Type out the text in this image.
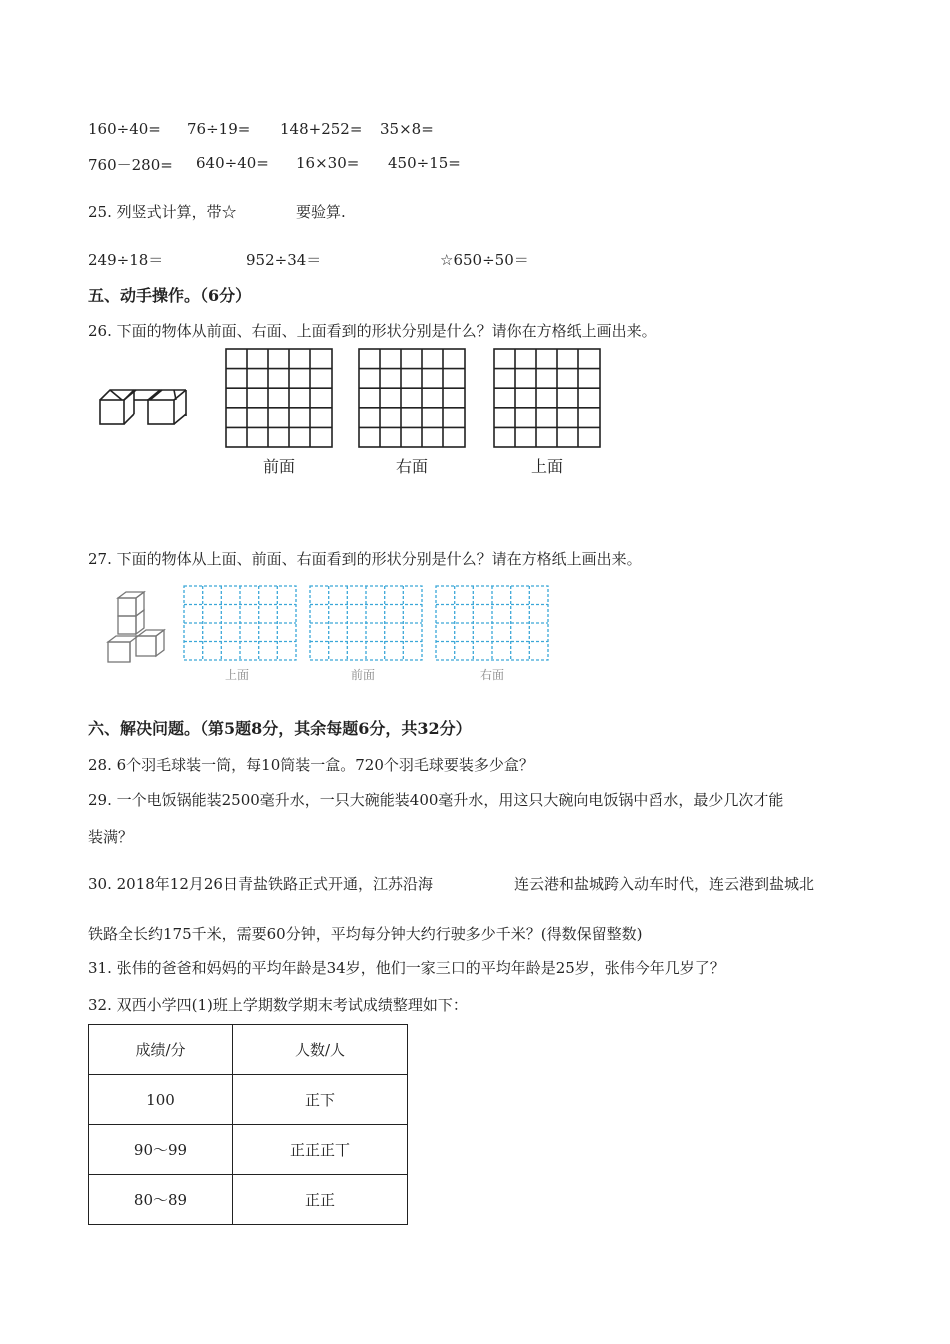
160÷40= 76÷19= 148+252= 35×8=
760－280= 640÷40= 16×30= 450÷15=
25. 列竖式计算，带☆	要验算.
249÷18＝	952÷34＝	☆650÷50＝
五、动手操作。（6分）
26. 下面的物体从前面、右面、上面看到的形状分别是什么？请你在方格纸上画出来。
前面	右面	上面
27. 下面的物体从上面、前面、右面看到的形状分别是什么？请在方格纸上画出来。
上面	前面	右面
六、解决问题。（第5题8分，其余每题6分，共32分）
28. 6个羽毛球装一筒，每10筒装一盒。720个羽毛球要装多少盒？
29. 一个电饭锅能装2500毫升水，一只大碗能装400毫升水，用这只大碗向电饭锅中舀水，最少几次才能
装满？
30. 2018年12月26日青盐铁路正式开通，江苏沿海	连云港和盐城跨入动车时代，连云港到盐城北
铁路全长约175千米，需要60分钟，平均每分钟大约行驶多少千米？(得数保留整数)
31. 张伟的爸爸和妈妈的平均年龄是34岁，他们一家三口的平均年龄是25岁，张伟今年几岁了？
32. 双西小学四(1)班上学期数学期末考试成绩整理如下：
成绩/分	人数/人
100	正下
90～99	正正正丅
80～89	正正
